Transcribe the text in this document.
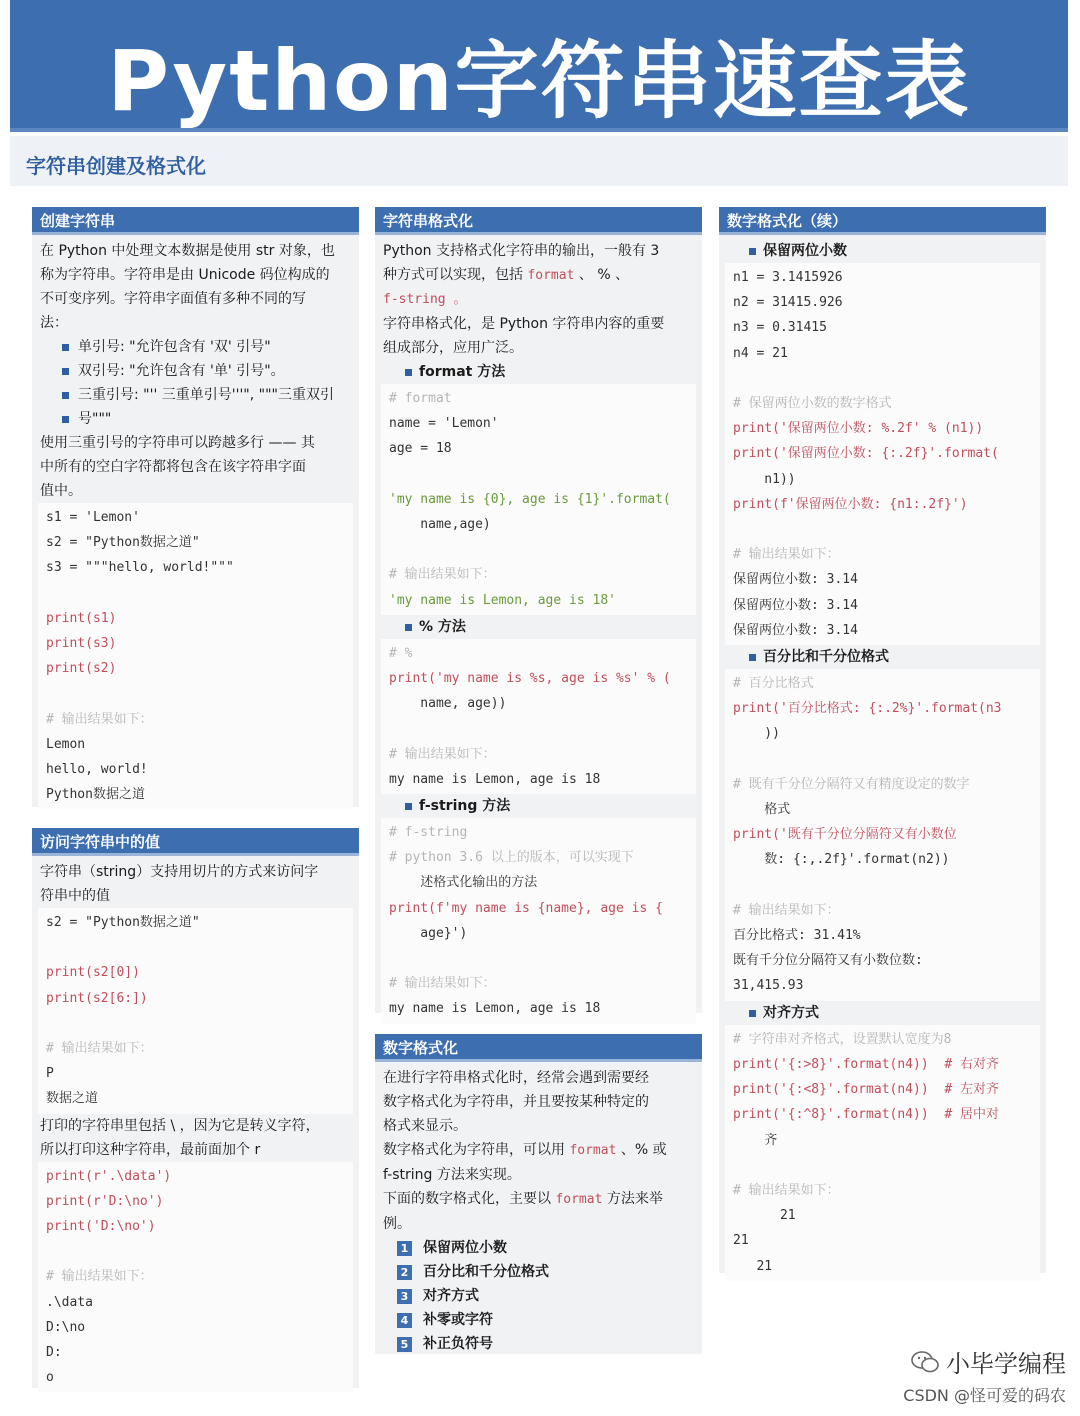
Python字符串速查表
字符串创建及格式化
创建字符串
在 Python 中处理文本数据是使用 str 对象，也
称为字符串。字符串是由 Unicode 码位构成的
不可变序列。字符串字面值有多种不同的写
法：
单引号: "允许包含有 '双' 引号"
双引号: "允许包含有 '单' 引号"。
三重引号: "'' 三重单引号'''", """三重双引
号"""
使用三重引号的字符串可以跨越多行 —— 其
中所有的空白字符都将包含在该字符串字面
值中。
s1 = 'Lemon'
s2 = "Python数据之道"
s3 = """hello, world!"""

print(s1)
print(s3)
print(s2)

# 输出结果如下：
Lemon
hello, world!
Python数据之道
访问字符串中的值
字符串（string）支持用切片的方式来访问字
符串中的值
s2 = "Python数据之道"

print(s2[0])
print(s2[6:])

# 输出结果如下：
P
数据之道
打印的字符串里包括 \ ，因为它是转义字符，
所以打印这种字符串，最前面加个 r
print(r'.\data')
print(r'D:\no')
print('D:\no')

# 输出结果如下：
.\data
D:\no
D:
o
字符串格式化
Python 支持格式化字符串的输出，一般有 3
种方式可以实现，包括 format 、 % 、
f-string 。
字符串格式化，是 Python 字符串内容的重要
组成部分，应用广泛。
format 方法
# format
name = 'Lemon'
age = 18

'my name is {0}, age is {1}'.format(
name,age)

# 输出结果如下：
'my name is Lemon, age is 18'
% 方法
# %
print('my name is %s, age is %s' % (
name, age))

# 输出结果如下：
my name is Lemon, age is 18
f-string 方法
# f-string
# python 3.6 以上的版本，可以实现下
述格式化输出的方法
print(f'my name is {name}, age is {
age}')

# 输出结果如下：
my name is Lemon, age is 18
数字格式化
在进行字符串格式化时，经常会遇到需要经
数字格式化为字符串，并且要按某种特定的
格式来显示。
数字格式化为字符串，可以用 format 、% 或
f-string 方法来实现。
下面的数字格式化，主要以 format 方法来举
例。
1 保留两位小数
2 百分比和千分位格式
3 对齐方式
4 补零或字符
5 补正负符号
数字格式化（续）
保留两位小数
n1 = 3.1415926
n2 = 31415.926
n3 = 0.31415
n4 = 21

# 保留两位小数的数字格式
print('保留两位小数: %.2f' % (n1))
print('保留两位小数: {:.2f}'.format(
n1))
print(f'保留两位小数: {n1:.2f}')

# 输出结果如下：
保留两位小数: 3.14
保留两位小数: 3.14
保留两位小数: 3.14
百分比和千分位格式
# 百分比格式
print('百分比格式: {:.2%}'.format(n3
))

# 既有千分位分隔符又有精度设定的数字
格式
print('既有千分位分隔符又有小数位
数: {:,.2f}'.format(n2))

# 输出结果如下：
百分比格式: 31.41%
既有千分位分隔符又有小数位数:
31,415.93
对齐方式
# 字符串对齐格式，设置默认宽度为8
print('{:>8}'.format(n4))  # 右对齐
print('{:<8}'.format(n4))  # 左对齐
print('{:^8}'.format(n4))  # 居中对
齐

# 输出结果如下：
21
21
21
小毕学编程
CSDN @怪可爱的码农
